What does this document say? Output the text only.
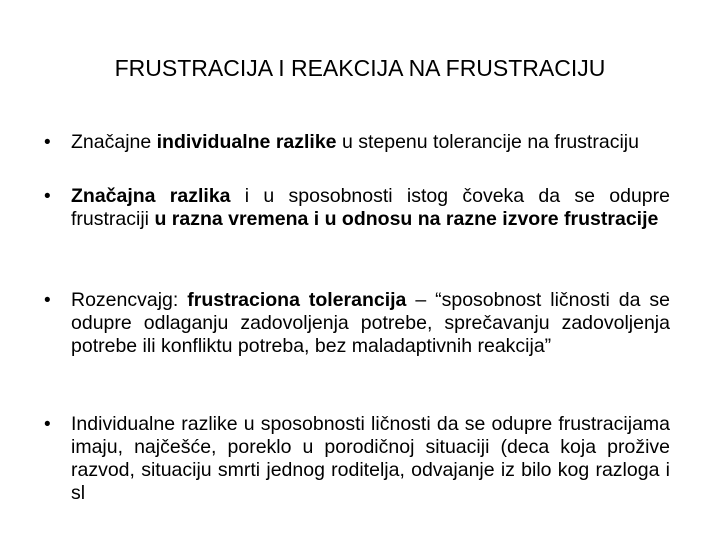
FRUSTRACIJA I REAKCIJA NA FRUSTRACIJU
• Značajne individualne razlike u stepenu tolerancije na frustraciju
• Značajna razlika i u sposobnosti istog čoveka da se odupre frustraciji u razna vremena i u odnosu na razne izvore frustracije
• Rozencvajg: frustraciona tolerancija – “sposobnost ličnosti da se odupre odlaganju zadovoljenja potrebe, sprečavanju zadovoljenja potrebe ili konfliktu potreba, bez maladaptivnih reakcija”
• Individualne razlike u sposobnosti ličnosti da se odupre frustracijama imaju, najčešće, poreklo u porodičnoj situaciji (deca koja prožive razvod, situaciju smrti jednog roditelja, odvajanje iz bilo kog razloga i sl
